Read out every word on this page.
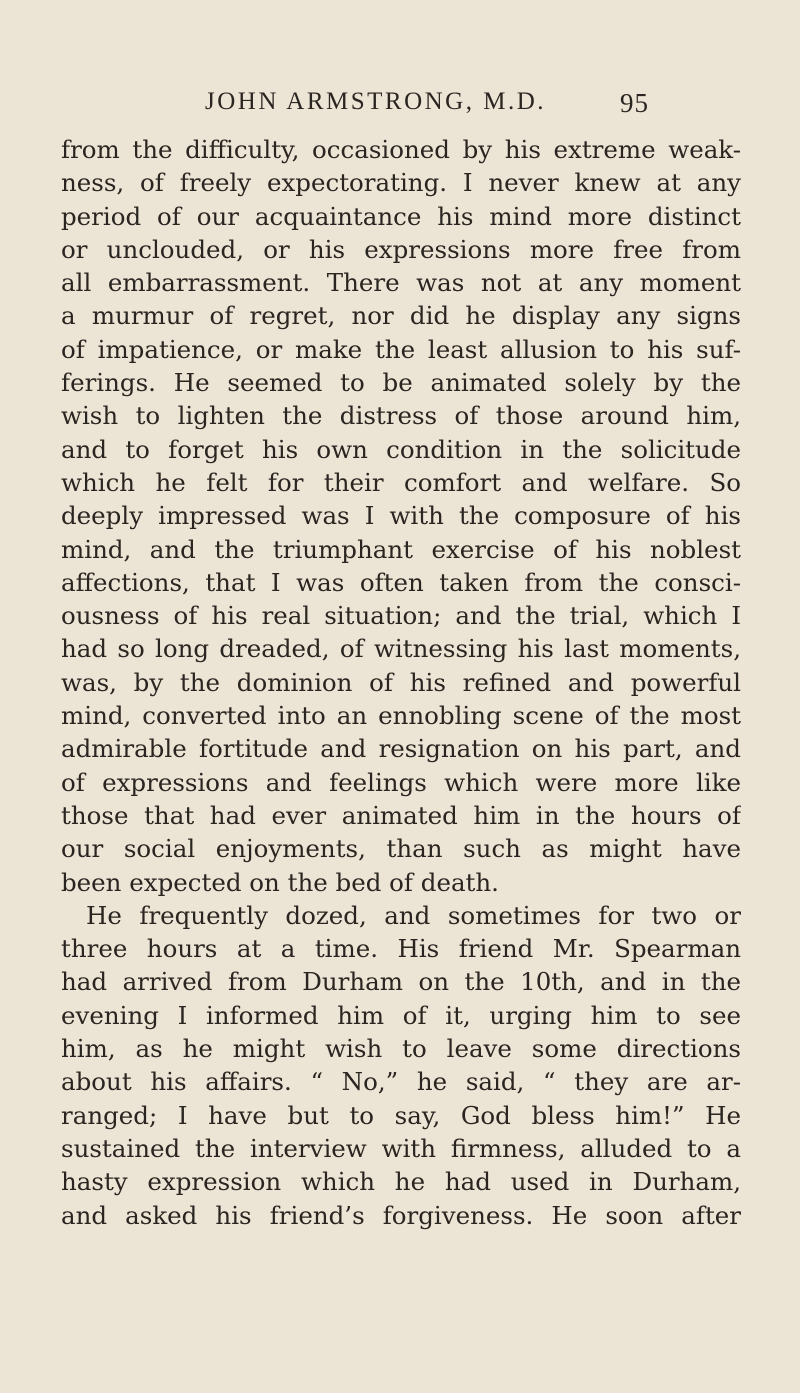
JOHN ARMSTRONG, M.D.	95
from the difficulty, occasioned by his extreme weak-
ness, of freely expectorating. I never knew at any
period of our acquaintance his mind more distinct
or unclouded, or his expressions more free from
all embarrassment. There was not at any moment
a murmur of regret, nor did he display any signs
of impatience, or make the least allusion to his suf-
ferings. He seemed to be animated solely by the
wish to lighten the distress of those around him,
and to forget his own condition in the solicitude
which he felt for their comfort and welfare. So
deeply impressed was I with the composure of his
mind, and the triumphant exercise of his noblest
affections, that I was often taken from the consci-
ousness of his real situation; and the trial, which I
had so long dreaded, of witnessing his last moments,
was, by the dominion of his refined and powerful
mind, converted into an ennobling scene of the most
admirable fortitude and resignation on his part, and
of expressions and feelings which were more like
those that had ever animated him in the hours of
our social enjoyments, than such as might have
been expected on the bed of death.
He frequently dozed, and sometimes for two or
three hours at a time. His friend Mr. Spearman
had arrived from Durham on the 10th, and in the
evening I informed him of it, urging him to see
him, as he might wish to leave some directions
about his affairs. “ No,” he said, “ they are ar-
ranged; I have but to say, God bless him!” He
sustained the interview with firmness, alluded to a
hasty expression which he had used in Durham,
and asked his friend’s forgiveness. He soon after
